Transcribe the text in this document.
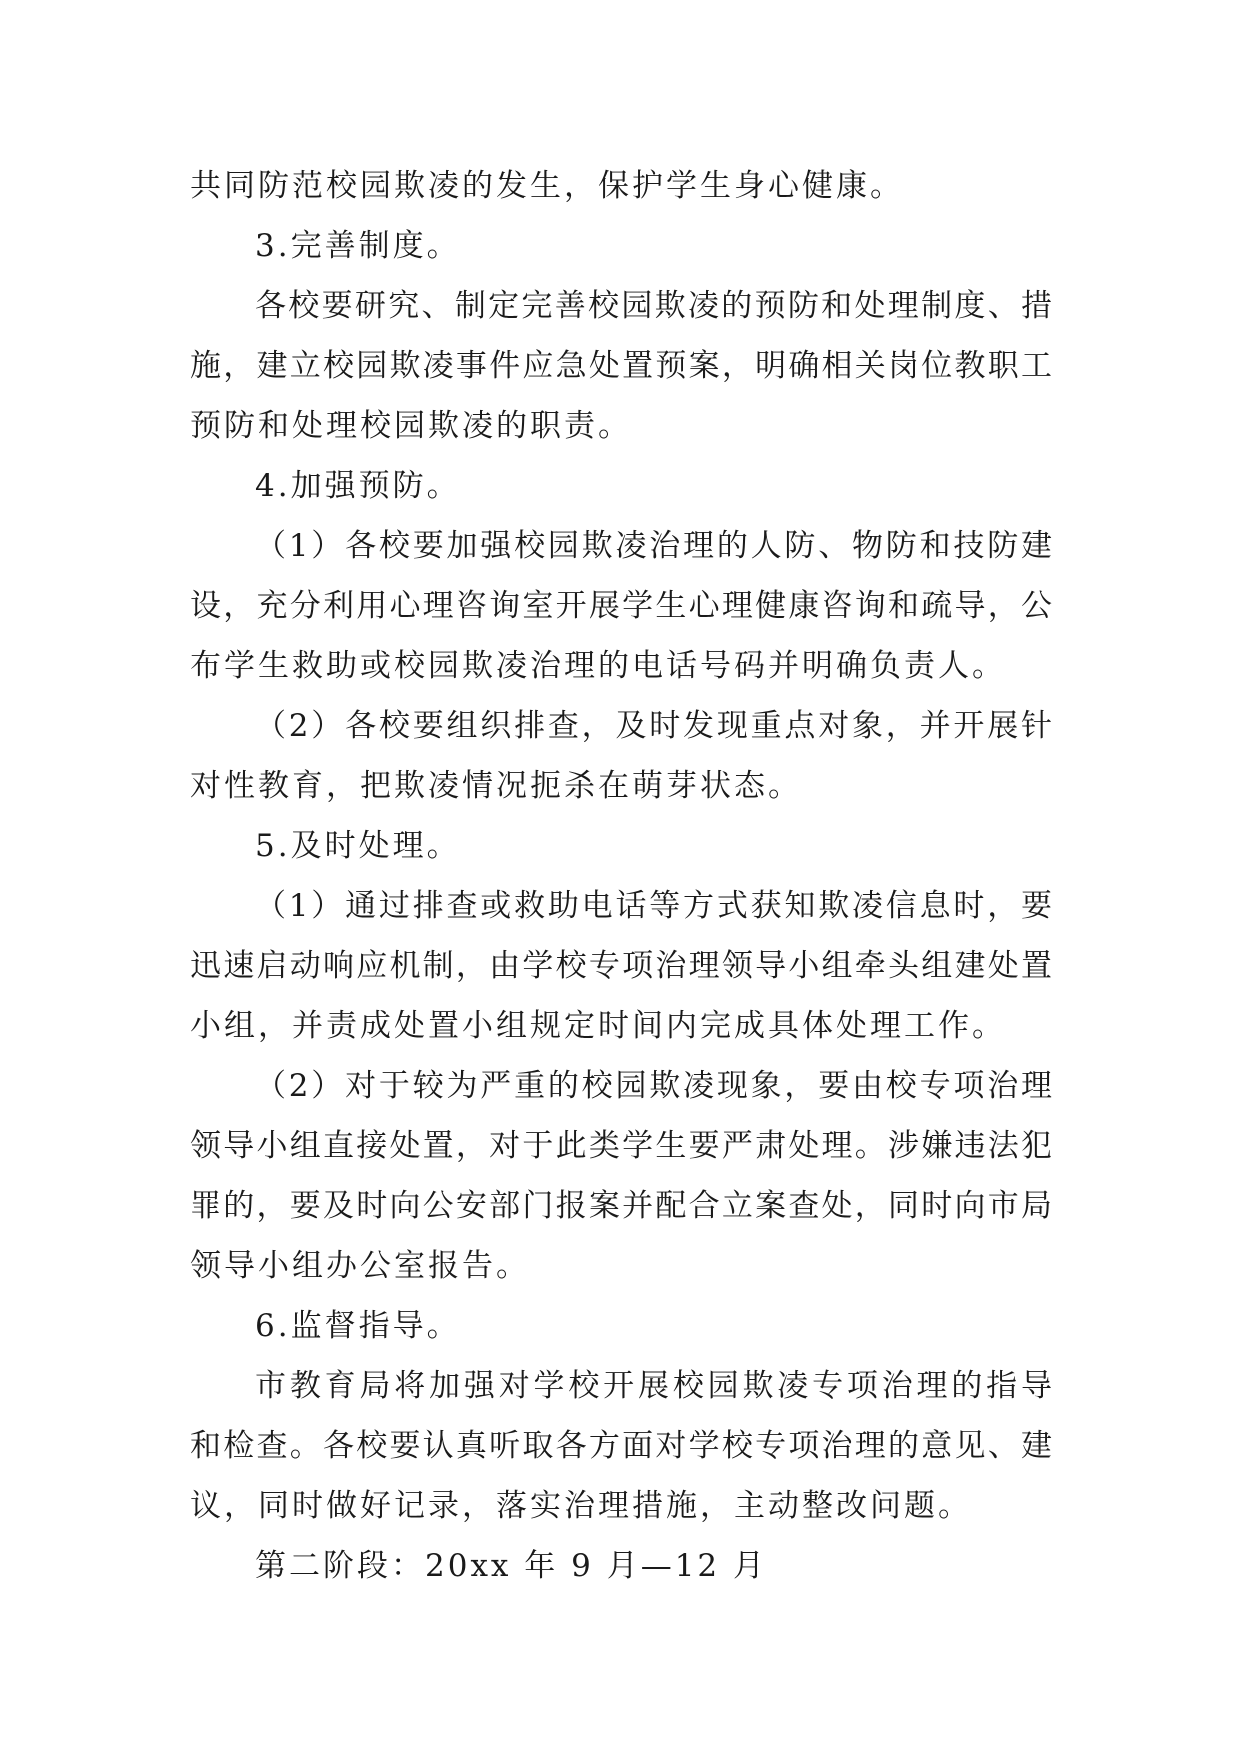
共同防范校园欺凌的发生，保护学生身心健康。
3.完善制度。
各校要研究、制定完善校园欺凌的预防和处理制度、措
施，建立校园欺凌事件应急处置预案，明确相关岗位教职工
预防和处理校园欺凌的职责。
4.加强预防。
（1）各校要加强校园欺凌治理的人防、物防和技防建
设，充分利用心理咨询室开展学生心理健康咨询和疏导，公
布学生救助或校园欺凌治理的电话号码并明确负责人。
（2）各校要组织排查，及时发现重点对象，并开展针
对性教育，把欺凌情况扼杀在萌芽状态。
5.及时处理。
（1）通过排查或救助电话等方式获知欺凌信息时，要
迅速启动响应机制，由学校专项治理领导小组牵头组建处置
小组，并责成处置小组规定时间内完成具体处理工作。
（2）对于较为严重的校园欺凌现象，要由校专项治理
领导小组直接处置，对于此类学生要严肃处理。涉嫌违法犯
罪的，要及时向公安部门报案并配合立案查处，同时向市局
领导小组办公室报告。
6.监督指导。
市教育局将加强对学校开展校园欺凌专项治理的指导
和检查。各校要认真听取各方面对学校专项治理的意见、建
议，同时做好记录，落实治理措施，主动整改问题。
第二阶段：20xx 年 9 月—12 月
